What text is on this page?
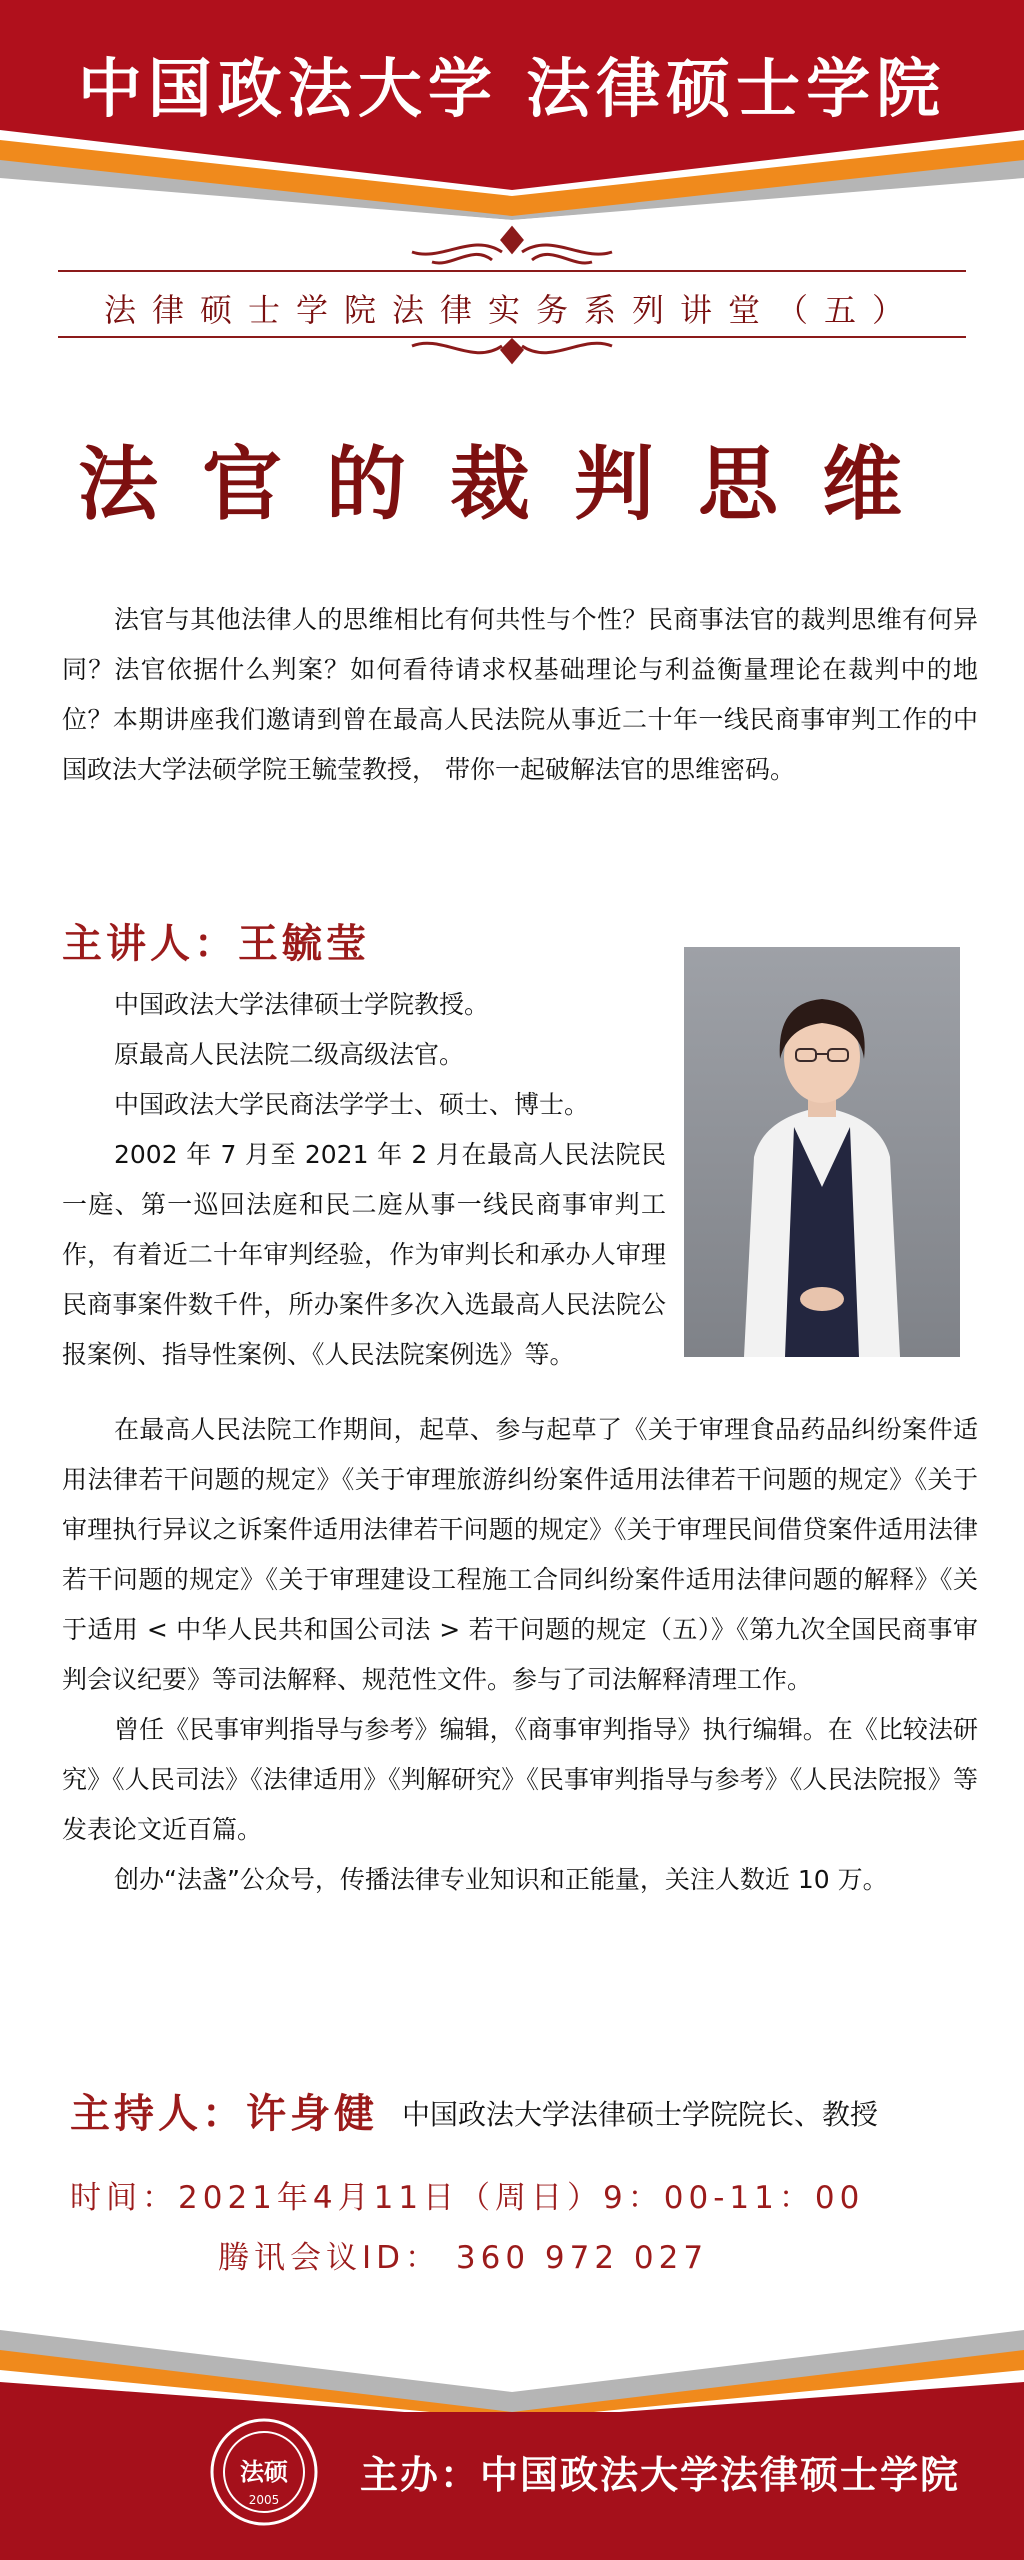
中国政法大学 法律硕士学院
法律硕士学院法律实务系列讲堂（五）
法官的裁判思维
法官与其他法律人的思维相比有何共性与个性？民商事法官的裁判思维有何异同？法官依据什么判案？如何看待请求权基础理论与利益衡量理论在裁判中的地位？本期讲座我们邀请到曾在最高人民法院从事近二十年一线民商事审判工作的中国政法大学法硕学院王毓莹教授， 带你一起破解法官的思维密码。
主讲人：王毓莹

中国政法大学法律硕士学院教授。

原最高人民法院二级高级法官。

中国政法大学民商法学学士、硕士、博士。

2002 年 7 月至 2021 年 2 月在最高人民法院民一庭、第一巡回法庭和民二庭从事一线民商事审判工作，有着近二十年审判经验，作为审判长和承办人审理民商事案件数千件，所办案件多次入选最高人民法院公报案例、指导性案例、《人民法院案例选》等。

在最高人民法院工作期间，起草、参与起草了《关于审理食品药品纠纷案件适用法律若干问题的规定》《关于审理旅游纠纷案件适用法律若干问题的规定》《关于审理执行异议之诉案件适用法律若干问题的规定》《关于审理民间借贷案件适用法律若干问题的规定》《关于审理建设工程施工合同纠纷案件适用法律问题的解释》《关于适用 < 中华人民共和国公司法 > 若干问题的规定（五）》《第九次全国民商事审判会议纪要》等司法解释、规范性文件。参与了司法解释清理工作。

曾任《民事审判指导与参考》编辑，《商事审判指导》执行编辑。在《比较法研究》《人民司法》《法律适用》《判解研究》《民事审判指导与参考》《人民法院报》等发表论文近百篇。

创办“法盏”公众号，传播法律专业知识和正能量，关注人数近 10 万。

主持人：许身健 中国政法大学法律硕士学院院长、教授
时间：2021年4月11日（周日）9：00-11：00
腾讯会议ID： 360 972 027
法硕
2005
主办：中国政法大学法律硕士学院
